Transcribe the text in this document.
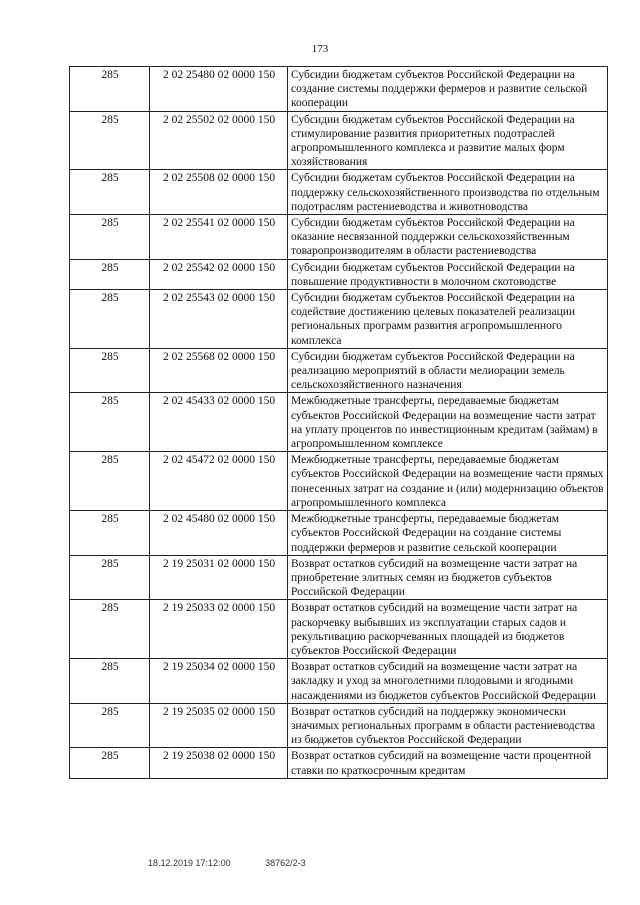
173
285	2 02 25480 02 0000 150	Субсидии бюджетам субъектов Российской Федерации на создание системы поддержки фермеров и развитие сельской кооперации
285	2 02 25502 02 0000 150	Субсидии бюджетам субъектов Российской Федерации на стимулирование развития приоритетных подотраслей агропромышленного комплекса и развитие малых форм хозяйствования
285	2 02 25508 02 0000 150	Субсидии бюджетам субъектов Российской Федерации на поддержку сельскохозяйственного производства по отдельным подотраслям растениеводства и животноводства
285	2 02 25541 02 0000 150	Субсидии бюджетам субъектов Российской Федерации на оказание несвязанной поддержки сельскохозяйственным товаропроизводителям в области растениеводства
285	2 02 25542 02 0000 150	Субсидии бюджетам субъектов Российской Федерации на повышение продуктивности в молочном скотоводстве
285	2 02 25543 02 0000 150	Субсидии бюджетам субъектов Российской Федерации на содействие достижению целевых показателей реализации региональных программ развития агропромышленного комплекса
285	2 02 25568 02 0000 150	Субсидии бюджетам субъектов Российской Федерации на реализацию мероприятий в области мелиорации земель сельскохозяйственного назначения
285	2 02 45433 02 0000 150	Межбюджетные трансферты, передаваемые бюджетам субъектов Российской Федерации на возмещение части затрат на уплату процентов по инвестиционным кредитам (займам) в агропромышленном комплексе
285	2 02 45472 02 0000 150	Межбюджетные трансферты, передаваемые бюджетам субъектов Российской Федерации на возмещение части прямых понесенных затрат на создание и (или) модернизацию объектов агропромышленного комплекса
285	2 02 45480 02 0000 150	Межбюджетные трансферты, передаваемые бюджетам субъектов Российской Федерации на создание системы поддержки фермеров и развитие сельской кооперации
285	2 19 25031 02 0000 150	Возврат остатков субсидий на возмещение части затрат на приобретение элитных семян из бюджетов субъектов Российской Федерации
285	2 19 25033 02 0000 150	Возврат остатков субсидий на возмещение части затрат на раскорчевку выбывших из эксплуатации старых садов и рекультивацию раскорчеванных площадей из бюджетов субъектов Российской Федерации
285	2 19 25034 02 0000 150	Возврат остатков субсидий на возмещение части затрат на закладку и уход за многолетними плодовыми и ягодными насаждениями из бюджетов субъектов Российской Федерации
285	2 19 25035 02 0000 150	Возврат остатков субсидий на поддержку экономически значимых региональных программ в области растениеводства из бюджетов субъектов Российской Федерации
285	2 19 25038 02 0000 150	Возврат остатков субсидий на возмещение части процентной ставки по краткосрочным кредитам
18.12.2019 17:12:00	38762/2-3
